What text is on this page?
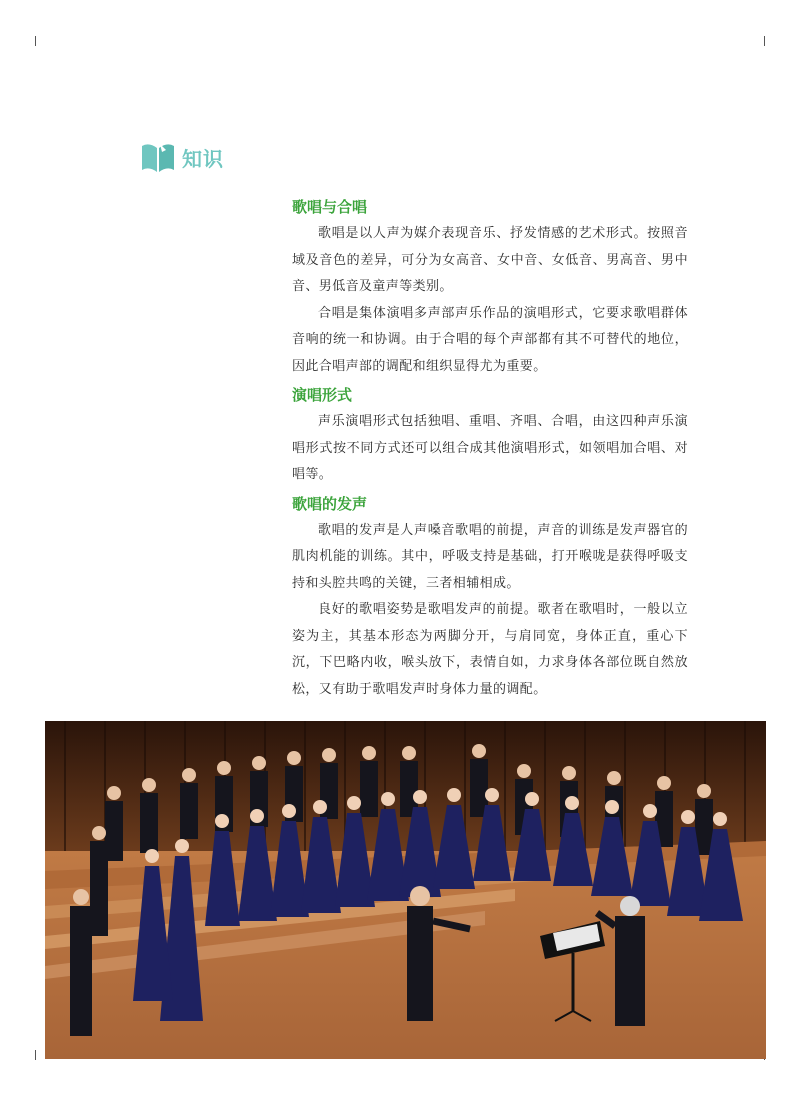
知识
歌唱与合唱

歌唱是以人声为媒介表现音乐、抒发情感的艺术形式。按照音域及音色的差异，可分为女高音、女中音、女低音、男高音、男中音、男低音及童声等类别。

合唱是集体演唱多声部声乐作品的演唱形式，它要求歌唱群体音响的统一和协调。由于合唱的每个声部都有其不可替代的地位，因此合唱声部的调配和组织显得尤为重要。

演唱形式

声乐演唱形式包括独唱、重唱、齐唱、合唱，由这四种声乐演唱形式按不同方式还可以组合成其他演唱形式，如领唱加合唱、对唱等。

歌唱的发声

歌唱的发声是人声嗓音歌唱的前提，声音的训练是发声器官的肌肉机能的训练。其中，呼吸支持是基础，打开喉咙是获得呼吸支持和头腔共鸣的关键，三者相辅相成。

良好的歌唱姿势是歌唱发声的前提。歌者在歌唱时，一般以立姿为主，其基本形态为两脚分开，与肩同宽，身体正直，重心下沉，下巴略内收，喉头放下，表情自如，力求身体各部位既自然放松，又有助于歌唱发声时身体力量的调配。
